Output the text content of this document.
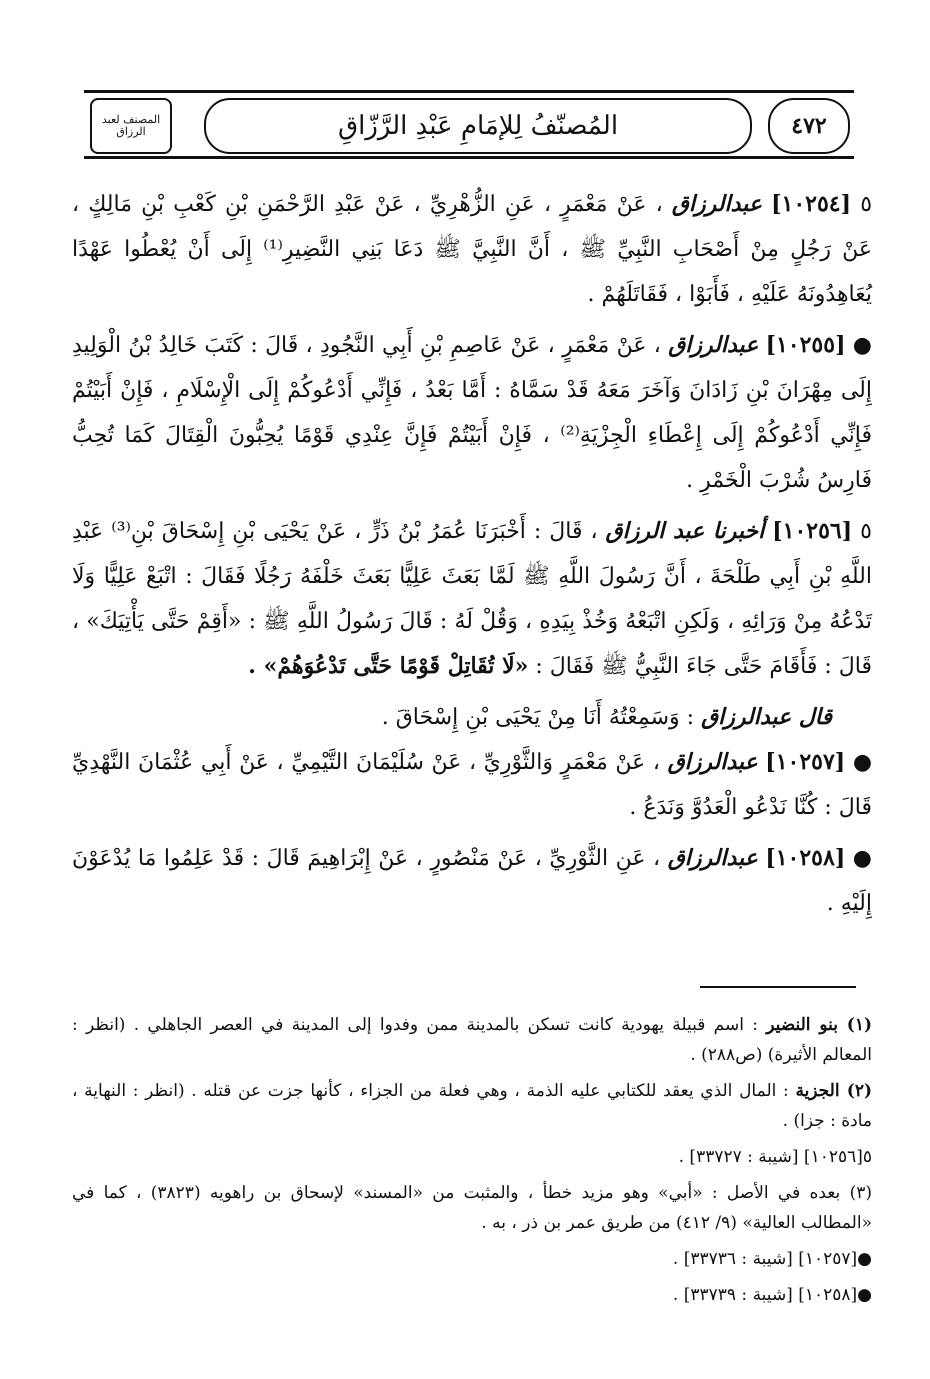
المصنف لعبد الرزاق	المُصنّفُ لِلإمَامِ عَبْدِ الرَّزّاقِ	٤٧٢
٥ [١٠٢٥٤] عبدالرزاق ، عَنْ مَعْمَرٍ ، عَنِ الزُّهْرِيِّ ، عَنْ عَبْدِ الرَّحْمَنِ بْنِ كَعْبِ بْنِ مَالِكٍ ، عَنْ رَجُلٍ مِنْ أَصْحَابِ النَّبِيِّ ﷺ ، أَنَّ النَّبِيَّ ﷺ دَعَا بَنِي النَّضِيرِ⁽¹⁾ إِلَى أَنْ يُعْطُوا عَهْدًا يُعَاهِدُونَهُ عَلَيْهِ ، فَأَبَوْا ، فَقَاتَلَهُمْ .
● [١٠٢٥٥] عبدالرزاق ، عَنْ مَعْمَرٍ ، عَنْ عَاصِمِ بْنِ أَبِي النَّجُودِ ، قَالَ : كَتَبَ خَالِدُ بْنُ الْوَلِيدِ إِلَى مِهْرَانَ بْنِ زَادَانَ وَآخَرَ مَعَهُ قَدْ سَمَّاهُ : أَمَّا بَعْدُ ، فَإِنِّي أَدْعُوكُمْ إِلَى الْإِسْلَامِ ، فَإِنْ أَبَيْتُمْ فَإِنِّي أَدْعُوكُمْ إِلَى إِعْطَاءِ الْجِزْيَةِ⁽²⁾ ، فَإِنْ أَبَيْتُمْ فَإِنَّ عِنْدِي قَوْمًا يُحِبُّونَ الْقِتَالَ كَمَا تُحِبُّ فَارِسُ شُرْبَ الْخَمْرِ .
٥ [١٠٢٥٦] أخبرنا عبد الرزاق ، قَالَ : أَخْبَرَنَا عُمَرُ بْنُ ذَرٍّ ، عَنْ يَحْيَى بْنِ إِسْحَاقَ بْنِ⁽³⁾ عَبْدِ اللَّهِ بْنِ أَبِي طَلْحَةَ ، أَنَّ رَسُولَ اللَّهِ ﷺ لَمَّا بَعَثَ عَلِيًّا بَعَثَ خَلْفَهُ رَجُلًا فَقَالَ : اتْبَعْ عَلِيًّا وَلَا تَدْعُهُ مِنْ وَرَائِهِ ، وَلَكِنِ اتْبَعْهُ وَخُذْ بِيَدِهِ ، وَقُلْ لَهُ : قَالَ رَسُولُ اللَّهِ ﷺ : «أَقِمْ حَتَّى يَأْتِيَكَ» ، قَالَ : فَأَقَامَ حَتَّى جَاءَ النَّبِيُّ ﷺ فَقَالَ : «لَا تُقَاتِلْ قَوْمًا حَتَّى تَدْعُوَهُمْ» .
قال عبدالرزاق : وَسَمِعْتُهُ أَنَا مِنْ يَحْيَى بْنِ إِسْحَاقَ .
● [١٠٢٥٧] عبدالرزاق ، عَنْ مَعْمَرٍ وَالثَّوْرِيِّ ، عَنْ سُلَيْمَانَ التَّيْمِيِّ ، عَنْ أَبِي عُثْمَانَ النَّهْدِيِّ قَالَ : كُنَّا نَدْعُو الْعَدُوَّ وَنَدَعُ .
● [١٠٢٥٨] عبدالرزاق ، عَنِ الثَّوْرِيِّ ، عَنْ مَنْصُورٍ ، عَنْ إِبْرَاهِيمَ قَالَ : قَدْ عَلِمُوا مَا يُدْعَوْنَ إِلَيْهِ .
(١) بنو النضير : اسم قبيلة يهودية كانت تسكن بالمدينة ممن وفدوا إلى المدينة في العصر الجاهلي . (انظر : المعالم الأثيرة) (ص٢٨٨) .
(٢) الجزية : المال الذي يعقد للكتابي عليه الذمة ، وهي فعلة من الجزاء ، كأنها جزت عن قتله . (انظر : النهاية ، مادة : جزا) .
٥[١٠٢٥٦] [شيبة : ٣٣٧٢٧] .
(٣) بعده في الأصل : «أبي» وهو مزيد خطأ ، والمثبت من «المسند» لإسحاق بن راهويه (٣٨٢٣) ، كما في «المطالب العالية» (٩/ ٤١٢) من طريق عمر بن ذر ، به .
●[١٠٢٥٧] [شيبة : ٣٣٧٣٦] .
●[١٠٢٥٨] [شيبة : ٣٣٧٣٩] .
